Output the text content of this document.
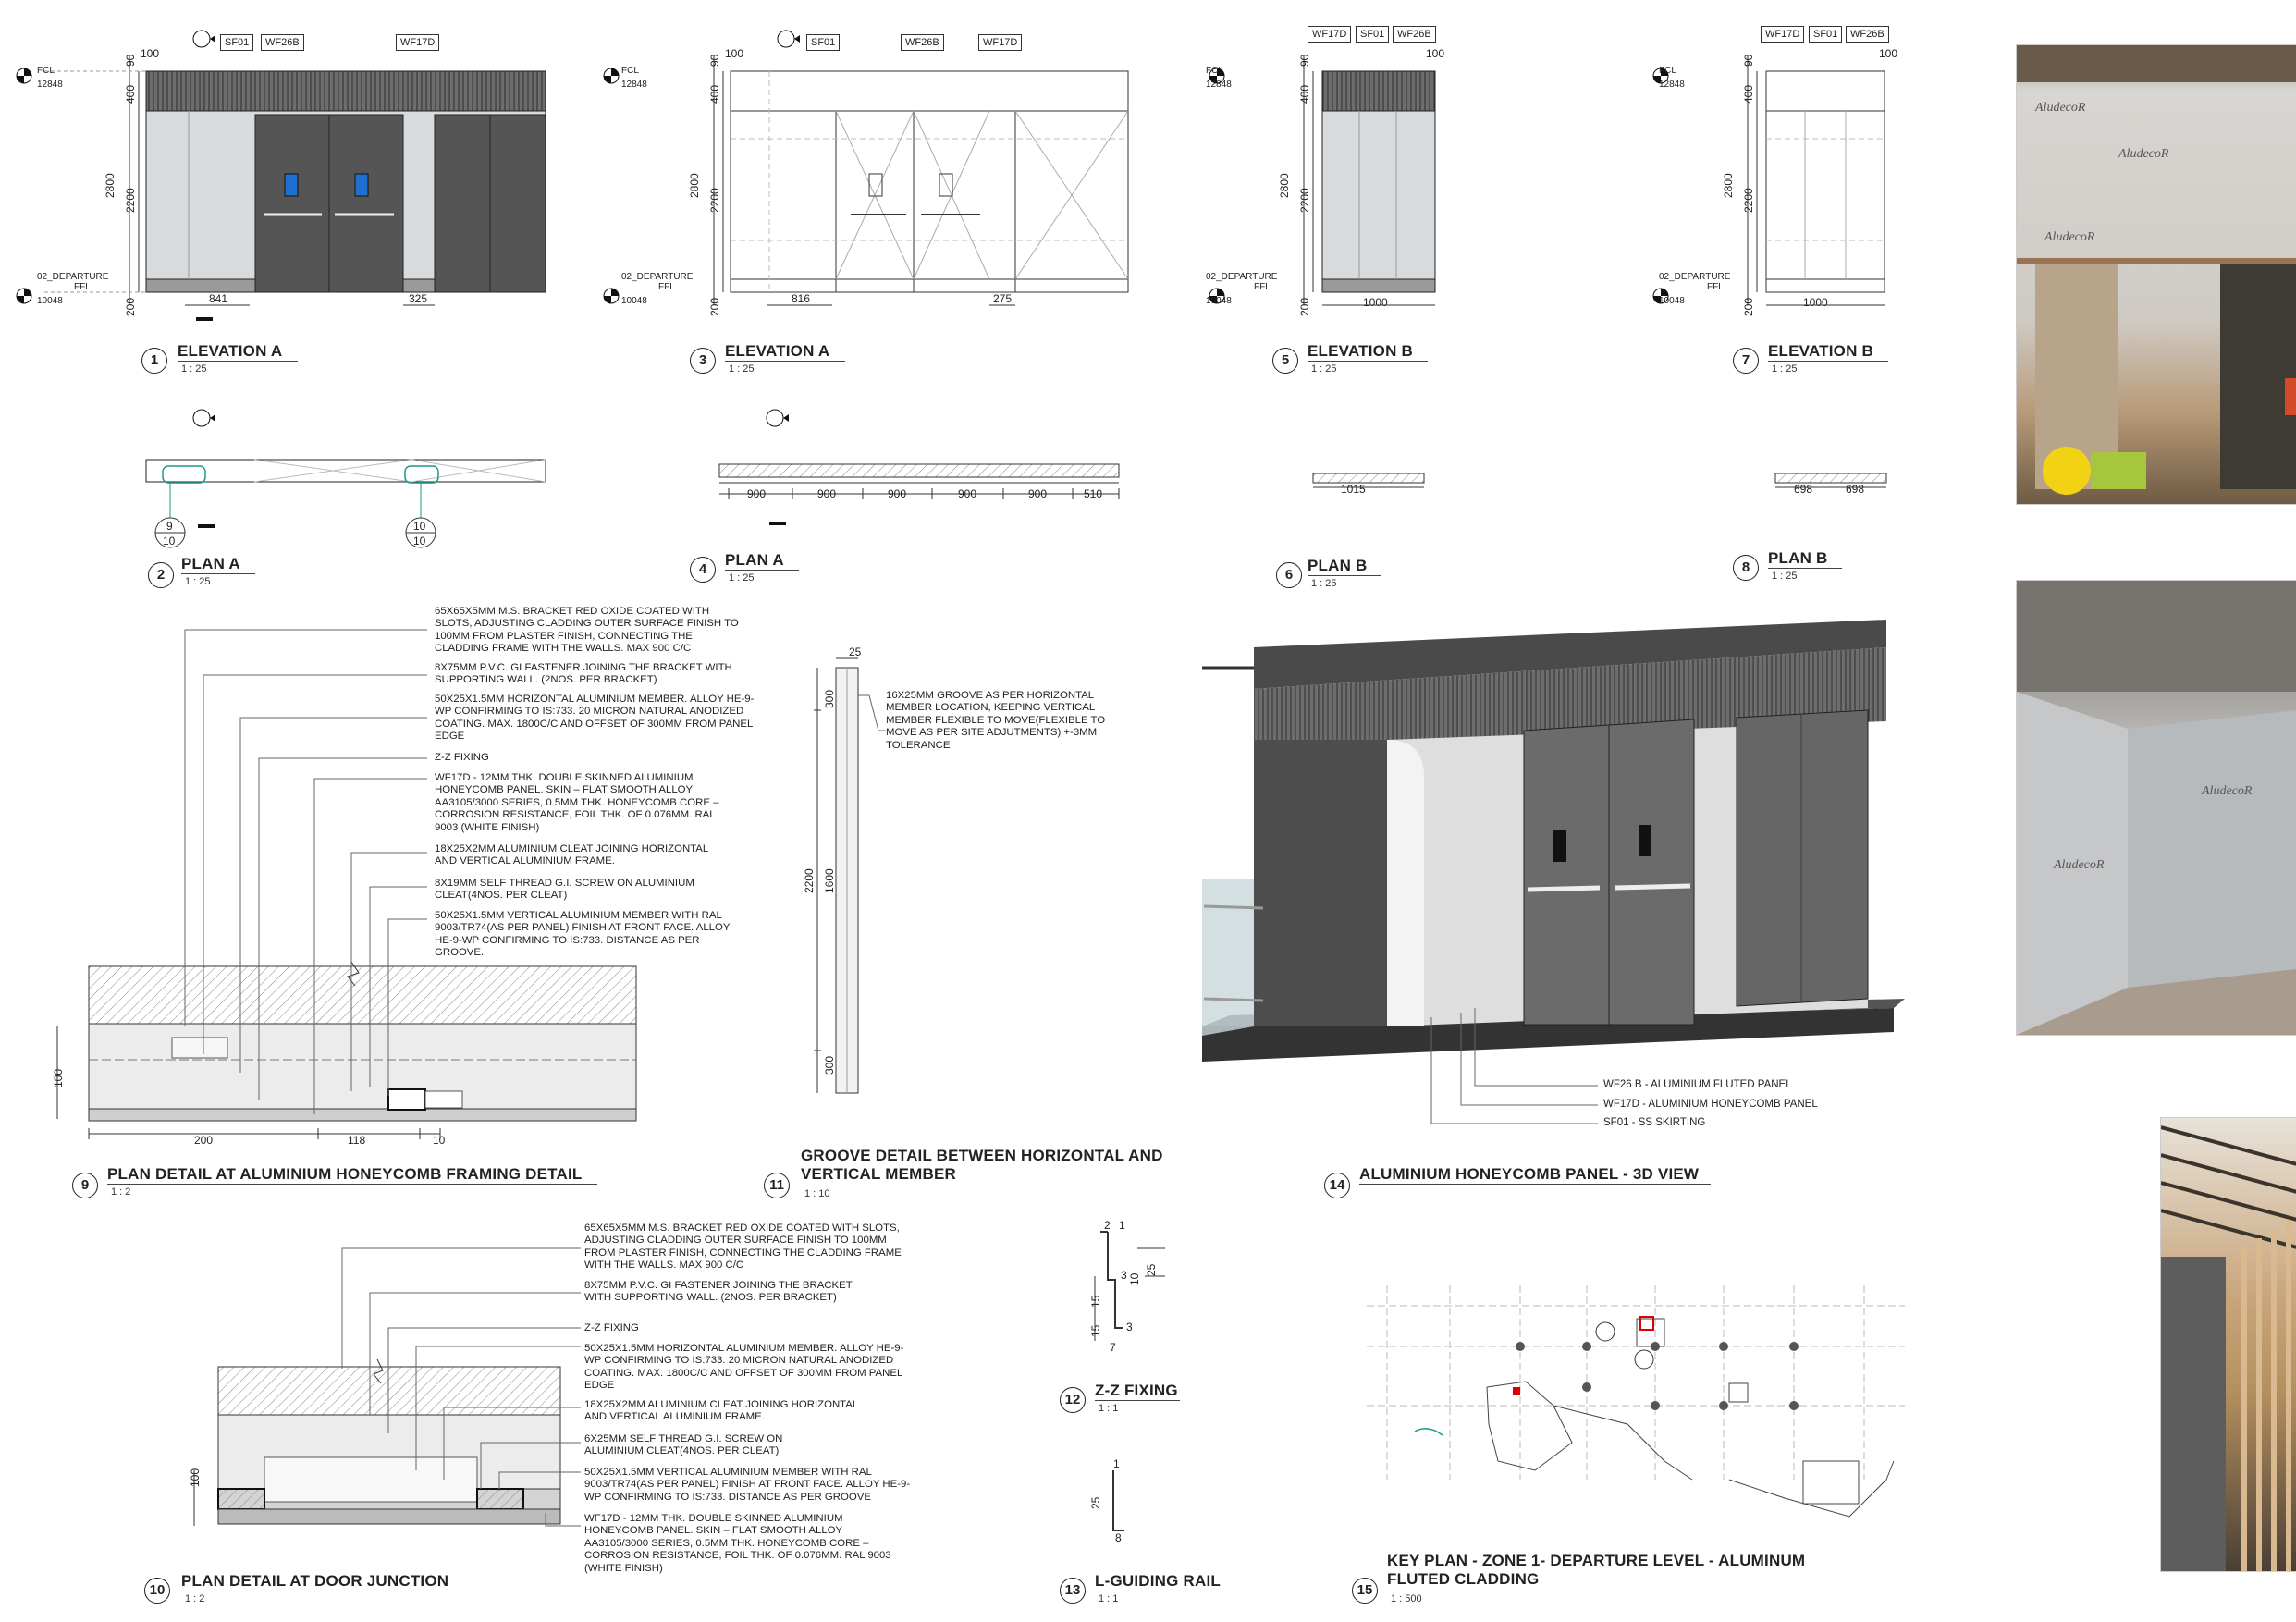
SF01	WF26B	WF17D	SF01	WF26B	WF17D
WF17D	SF01	WF26B	WF17D	SF01	WF26B
FCL
12848
02_DEPARTURE
FFL
10048
FCL
12848
02_DEPARTURE
FFL
10048
FCL
12848
02_DEPARTURE
FFL
10048
FCL
12848
02_DEPARTURE
FFL
10048
90
400
2800
2200
200
100
841	325
90
400
2800
2200
200
100
816	275
90
400
2800
2200
200
100
1000
90
400
2800
2200
200
100
1000
9
10
10
10
900	900	900	900	900	510	1015	698	698
100
200	118	10
25
300
2200 1600
300
100
2 1
3 10
25
15
15 3
7
1
25
8
1
ELEVATION A
1 : 25
2
PLAN A
1 : 25
3
ELEVATION A
1 : 25
4
PLAN A
1 : 25
5
ELEVATION B
1 : 25
6
PLAN B
1 : 25
7
ELEVATION B
1 : 25
8
PLAN B
1 : 25
9
PLAN DETAIL AT ALUMINIUM HONEYCOMB FRAMING DETAIL
1 : 2	11
GROOVE DETAIL BETWEEN HORIZONTAL AND VERTICAL MEMBER
1 : 10
14
ALUMINIUM HONEYCOMB PANEL - 3D VIEW
12
Z-Z FIXING
1 : 1
10
PLAN DETAIL AT DOOR JUNCTION
1 : 2
13
L-GUIDING RAIL
1 : 1
15
KEY PLAN - ZONE 1- DEPARTURE LEVEL - ALUMINUM FLUTED CLADDING
1 : 500
65X65X5MM M.S. BRACKET RED OXIDE COATED WITH SLOTS, ADJUSTING CLADDING OUTER SURFACE FINISH TO 100MM FROM PLASTER FINISH, CONNECTING THE CLADDING FRAME WITH THE WALLS. MAX 900 C/C
8X75MM P.V.C. GI FASTENER JOINING THE BRACKET WITH SUPPORTING WALL. (2NOS. PER BRACKET)
50X25X1.5MM HORIZONTAL ALUMINIUM MEMBER. ALLOY HE-9-WP CONFIRMING TO IS:733. 20 MICRON NATURAL ANODIZED COATING. MAX. 1800C/C AND OFFSET OF 300MM FROM PANEL EDGE
Z-Z FIXING
WF17D - 12MM THK. DOUBLE SKINNED ALUMINIUM HONEYCOMB PANEL. SKIN – FLAT SMOOTH ALLOY AA3105/3000 SERIES, 0.5MM THK. HONEYCOMB CORE – CORROSION RESISTANCE, FOIL THK. OF 0.076MM. RAL 9003 (WHITE FINISH)
18X25X2MM ALUMINIUM CLEAT JOINING HORIZONTAL AND VERTICAL ALUMINIUM FRAME.
8X19MM SELF THREAD G.I. SCREW ON ALUMINIUM CLEAT(4NOS. PER CLEAT)
50X25X1.5MM VERTICAL ALUMINIUM MEMBER WITH RAL 9003/TR74(AS PER PANEL) FINISH AT FRONT FACE. ALLOY HE-9-WP CONFIRMING TO IS:733. DISTANCE AS PER GROOVE.
16X25MM GROOVE AS PER HORIZONTAL MEMBER LOCATION, KEEPING VERTICAL MEMBER FLEXIBLE TO MOVE(FLEXIBLE TO MOVE AS PER SITE ADJUTMENTS) +-3MM TOLERANCE
65X65X5MM M.S. BRACKET RED OXIDE COATED WITH SLOTS, ADJUSTING CLADDING OUTER SURFACE FINISH TO 100MM FROM PLASTER FINISH, CONNECTING THE CLADDING FRAME WITH THE WALLS. MAX 900 C/C
8X75MM P.V.C. GI FASTENER JOINING THE BRACKET WITH SUPPORTING WALL. (2NOS. PER BRACKET)
Z-Z FIXING
50X25X1.5MM HORIZONTAL ALUMINIUM MEMBER. ALLOY HE-9-WP CONFIRMING TO IS:733. 20 MICRON NATURAL ANODIZED COATING. MAX. 1800C/C AND OFFSET OF 300MM FROM PANEL EDGE
18X25X2MM ALUMINIUM CLEAT JOINING HORIZONTAL AND VERTICAL ALUMINIUM FRAME.
6X25MM SELF THREAD G.I. SCREW ON ALUMINIUM CLEAT(4NOS. PER CLEAT)
50X25X1.5MM VERTICAL ALUMINIUM MEMBER WITH RAL 9003/TR74(AS PER PANEL) FINISH AT FRONT FACE. ALLOY HE-9-WP CONFIRMING TO IS:733. DISTANCE AS PER GROOVE
WF17D - 12MM THK. DOUBLE SKINNED ALUMINIUM HONEYCOMB PANEL. SKIN – FLAT SMOOTH ALLOY AA3105/3000 SERIES, 0.5MM THK. HONEYCOMB CORE – CORROSION RESISTANCE, FOIL THK. OF 0.076MM. RAL 9003 (WHITE FINISH)
WF26 B - ALUMINIUM FLUTED PANEL
WF17D - ALUMINIUM HONEYCOMB PANEL
SF01 - SS SKIRTING
AludecoR
AludecoR
AludecoR
AludecoR
AludecoR
